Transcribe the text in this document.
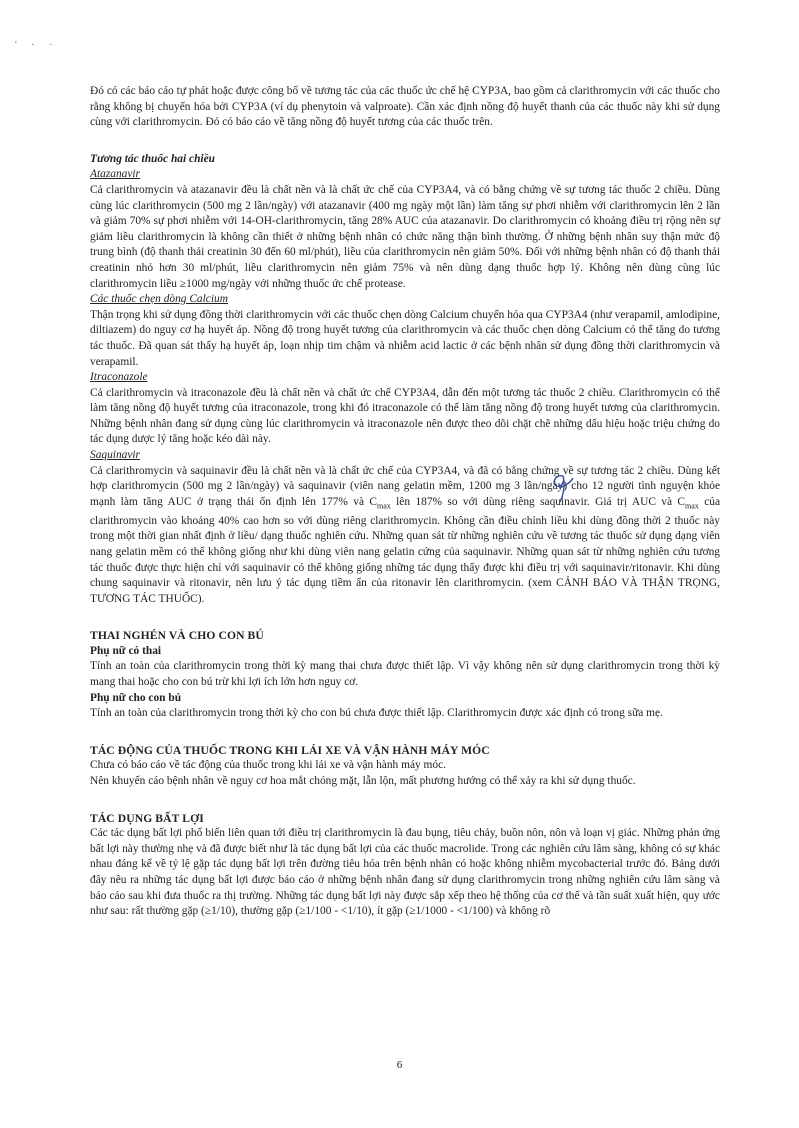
' · ·

Đó có các báo cáo tự phát hoặc được công bố về tương tác của các thuốc ức chế hệ CYP3A, bao gồm cả clarithromycin với các thuốc cho rằng không bị chuyển hóa bởi CYP3A (ví dụ phenytoin và valproate). Cần xác định nồng độ huyết thanh của các thuốc này khi sử dụng cùng với clarithromycin. Đó có báo cáo về tăng nồng độ huyết tương của các thuốc trên.

Tương tác thuốc hai chiều
Atazanavir

Cả clarithromycin và atazanavir đều là chất nền và là chất ức chế của CYP3A4, và có bằng chứng về sự tương tác thuốc 2 chiều. Dùng cùng lúc clarithromycin (500 mg 2 lần/ngày) với atazanavir (400 mg ngày một lần) làm tăng sự phơi nhiễm với clarithromycin lên 2 lần và giảm 70% sự phơi nhiễm với 14-OH-clarithromycin, tăng 28% AUC của atazanavir. Do clarithromycin có khoảng điều trị rộng nên sự giảm liều clarithromycin là không cần thiết ở những bệnh nhân có chức năng thận bình thường. Ở những bệnh nhân suy thận mức độ trung bình (độ thanh thải creatinin 30 đến 60 ml/phút), liều của clarithromycin nên giảm 50%. Đối với những bệnh nhân có độ thanh thải creatinin nhỏ hơn 30 ml/phút, liều clarithromycin nên giảm 75% và nên dùng dạng thuốc hợp lý. Không nên dùng cùng lúc clarithromycin liều ≥1000 mg/ngày với những thuốc ức chế protease.

Các thuốc chẹn dòng Calcium

Thận trọng khi sử dụng đồng thời clarithromycin với các thuốc chẹn dòng Calcium chuyển hóa qua CYP3A4 (như verapamil, amlodipine, diltiazem) do nguy cơ hạ huyết áp. Nồng độ trong huyết tương của clarithromycin và các thuốc chẹn dòng Calcium có thể tăng do tương tác thuốc. Đã quan sát thấy hạ huyết áp, loạn nhịp tim chậm và nhiễm acid lactic ở các bệnh nhân sử dụng đồng thời clarithromycin và verapamil.

Itraconazole

Cả clarithromycin và itraconazole đều là chất nền và chất ức chế CYP3A4, dẫn đến một tương tác thuốc 2 chiều. Clarithromycin có thể làm tăng nồng độ huyết tương của itraconazole, trong khi đó itraconazole có thể làm tăng nồng độ trong huyết tương của clarithromycin. Những bệnh nhân đang sử dụng cùng lúc clarithromycin và itraconazole nên được theo dõi chặt chẽ những dấu hiệu hoặc triệu chứng do tác dụng dược lý tăng hoặc kéo dài này.

Saquinavir

Cả clarithromycin và saquinavir đều là chất nền và là chất ức chế của CYP3A4, và đã có bằng chứng về sự tương tác 2 chiều. Dùng kết hợp clarithromycin (500 mg 2 lần/ngày) và saquinavir (viên nang gelatin mềm, 1200 mg 3 lần/ngày) cho 12 người tình nguyện khỏe mạnh làm tăng AUC ở trạng thái ổn định lên 177% và $C_{max}$ lên 187% so với dùng riêng saquinavir. Giá trị AUC và $C_{max}$ của clarithromycin vào khoảng 40% cao hơn so với dùng riêng clarithromycin. Không cần điều chỉnh liều khi dùng đồng thời 2 thuốc này trong một thời gian nhất định ở liều/ dạng thuốc nghiên cứu. Những quan sát từ những nghiên cứu về tương tác thuốc sử dụng dạng viên nang gelatin mềm có thể không giống như khi dùng viên nang gelatin cứng của saquinavir. Những quan sát từ những nghiên cứu tương tác thuốc được thực hiện chỉ với saquinavir có thể không giống những tác dụng thấy được khi điều trị với saquinavir/ritonavir. Khi dùng chung saquinavir và ritonavir, nên lưu ý tác dụng tiềm ẩn của ritonavir lên clarithromycin. (xem CẢNH BÁO VÀ THẬN TRỌNG, TƯƠNG TÁC THUỐC).

THAI NGHÉN VÀ CHO CON BÚ
Phụ nữ có thai

Tính an toàn của clarithromycin trong thời kỳ mang thai chưa được thiết lập. Vì vậy không nên sử dụng clarithromycin trong thời kỳ mang thai hoặc cho con bú trừ khi lợi ích lớn hơn nguy cơ.

Phụ nữ cho con bú

Tính an toàn của clarithromycin trong thời kỳ cho con bú chưa được thiết lập. Clarithromycin được xác định có trong sữa mẹ.

TÁC ĐỘNG CỦA THUỐC TRONG KHI LÁI XE VÀ VẬN HÀNH MÁY MÓC

Chưa có báo cáo về tác động của thuốc trong khi lái xe và vận hành máy móc.

Nên khuyến cáo bệnh nhân về nguy cơ hoa mắt chóng mặt, lẫn lộn, mất phương hướng có thể xảy ra khi sử dụng thuốc.

TÁC DỤNG BẤT LỢI

Các tác dụng bất lợi phổ biến liên quan tới điều trị clarithromycin là đau bụng, tiêu chảy, buồn nôn, nôn và loạn vị giác. Những phản ứng bất lợi này thường nhẹ và đã được biết như là tác dụng bất lợi của các thuốc macrolide. Trong các nghiên cứu lâm sàng, không có sự khác nhau đáng kể về tỷ lệ gặp tác dụng bất lợi trên đường tiêu hóa trên bệnh nhân có hoặc không nhiễm mycobacterial trước đó. Bảng dưới đây nêu ra những tác dụng bất lợi được báo cáo ở những bệnh nhân đang sử dụng clarithromycin trong những nghiên cứu lâm sàng và báo cáo sau khi đưa thuốc ra thị trường. Những tác dụng bất lợi này được sắp xếp theo hệ thống của cơ thể và tần suất xuất hiện, quy ước như sau: rất thường gặp (≥1/10), thường gặp (≥1/100 - <1/10), ít gặp (≥1/1000 - <1/100) và không rõ

6
